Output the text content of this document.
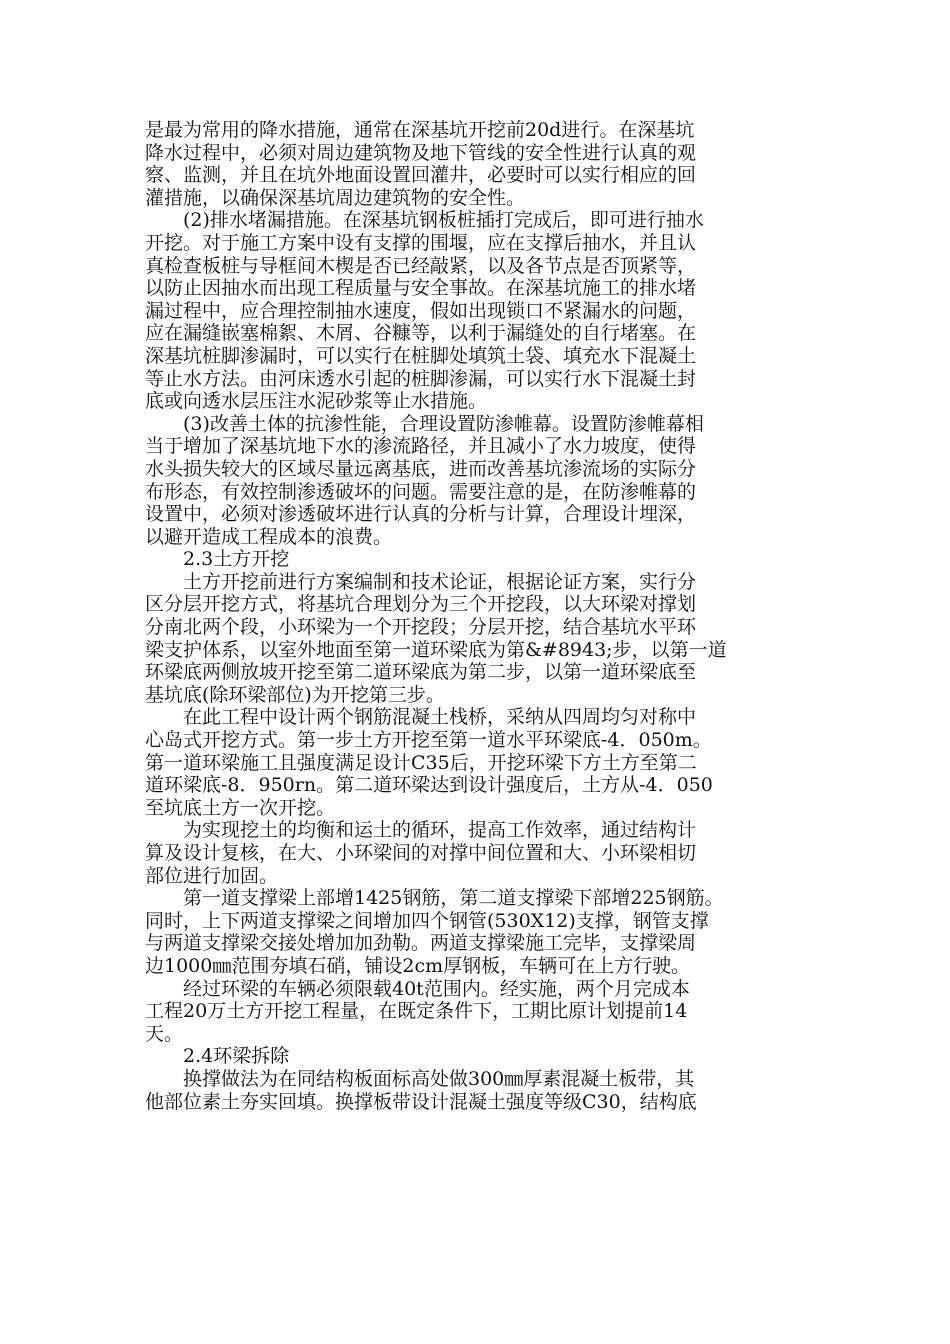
是最为常用的降水措施，通常在深基坑开挖前20d进行。在深基坑
降水过程中，必须对周边建筑物及地下管线的安全性进行认真的观
察、监测，并且在坑外地面设置回灌井，必要时可以实行相应的回
灌措施，以确保深基坑周边建筑物的安全性。
(2)排水堵漏措施。在深基坑钢板桩插打完成后，即可进行抽水
开挖。对于施工方案中设有支撑的围堰，应在支撑后抽水，并且认
真检查板桩与导框间木楔是否已经敲紧，以及各节点是否顶紧等，
以防止因抽水而出现工程质量与安全事故。在深基坑施工的排水堵
漏过程中，应合理控制抽水速度，假如出现锁口不紧漏水的问题，
应在漏缝嵌塞棉絮、木屑、谷糠等，以利于漏缝处的自行堵塞。在
深基坑桩脚渗漏时，可以实行在桩脚处填筑土袋、填充水下混凝土
等止水方法。由河床透水引起的桩脚渗漏，可以实行水下混凝土封
底或向透水层压注水泥砂浆等止水措施。
(3)改善土体的抗渗性能，合理设置防渗帷幕。设置防渗帷幕相
当于增加了深基坑地下水的渗流路径，并且减小了水力坡度，使得
水头损失较大的区域尽量远离基底，进而改善基坑渗流场的实际分
布形态，有效控制渗透破坏的问题。需要注意的是，在防渗帷幕的
设置中，必须对渗透破坏进行认真的分析与计算，合理设计埋深，
以避开造成工程成本的浪费。
2.3土方开挖
土方开挖前进行方案编制和技术论证，根据论证方案，实行分
区分层开挖方式，将基坑合理划分为三个开挖段，以大环梁对撑划
分南北两个段，小环梁为一个开挖段；分层开挖，结合基坑水平环
梁支护体系，以室外地面至第一道环梁底为第&#8943;步，以第一道
环梁底两侧放坡开挖至第二道环梁底为第二步，以第一道环梁底至
基坑底(除环梁部位)为开挖第三步。
在此工程中设计两个钢筋混凝土栈桥，采纳从四周均匀对称中
心岛式开挖方式。第一步土方开挖至第一道水平环梁底-4．050m。
第一道环梁施工且强度满足设计C35后，开挖环梁下方土方至第二
道环梁底-8．950rn。第二道环梁达到设计强度后，土方从-4．050
至坑底土方一次开挖。
为实现挖土的均衡和运土的循环，提高工作效率，通过结构计
算及设计复核，在大、小环梁间的对撑中间位置和大、小环梁相切
部位进行加固。
第一道支撑梁上部增1425钢筋，第二道支撑梁下部增225钢筋。
同时，上下两道支撑梁之间增加四个钢管(530X12)支撑，钢管支撑
与两道支撑梁交接处增加加劲勒。两道支撑梁施工完毕，支撑梁周
边1000㎜范围夯填石硝，铺设2cm厚钢板，车辆可在上方行驶。
经过环梁的车辆必须限载40t范围内。经实施，两个月完成本
工程20万土方开挖工程量，在既定条件下，工期比原计划提前14
天。
2.4环梁拆除
换撑做法为在同结构板面标高处做300㎜厚素混凝土板带，其
他部位素土夯实回填。换撑板带设计混凝土强度等级C30，结构底
